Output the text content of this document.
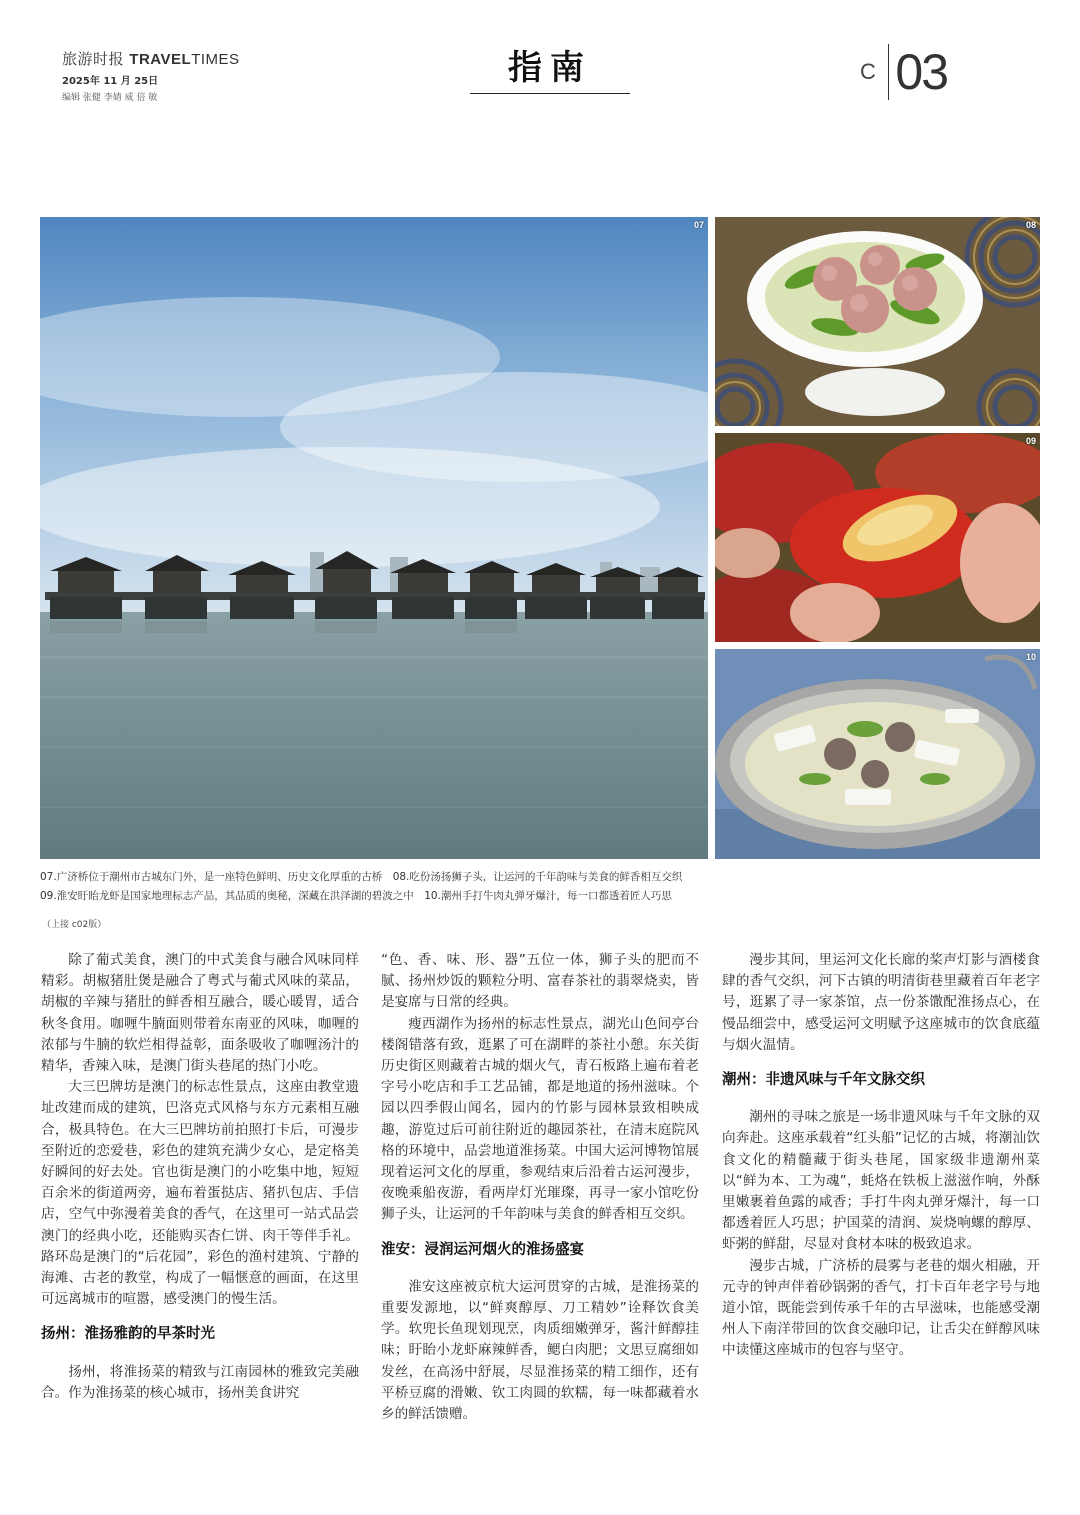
旅游时报 TRAVELTIMES
2025年 11 月 25日
编辑 张健 李婧 威 倍 敏
指南	C 03
07	08
09
10
07.广济桥位于潮州市古城东门外，是一座特色鲜明、历史文化厚重的古桥　08.吃份汤扬狮子头，让运河的千年韵味与美食的鲜香相互交织
09.淮安盱眙龙虾是国家地理标志产品，其品质的奥秘，深藏在洪泽湖的碧波之中　10.潮州手打牛肉丸弹牙爆汁，每一口都透着匠人巧思
（上接 c02版）

除了葡式美食，澳门的中式美食与融合风味同样精彩。胡椒猪肚煲是融合了粤式与葡式风味的菜品，胡椒的辛辣与猪肚的鲜香相互融合，暖心暖胃，适合秋冬食用。咖喱牛腩面则带着东南亚的风味，咖喱的浓郁与牛腩的软烂相得益彰，面条吸收了咖喱汤汁的精华，香辣入味，是澳门街头巷尾的热门小吃。

大三巴牌坊是澳门的标志性景点，这座由教堂遗址改建而成的建筑，巴洛克式风格与东方元素相互融合，极具特色。在大三巴牌坊前拍照打卡后，可漫步至附近的恋爱巷，彩色的建筑充满少女心，是定格美好瞬间的好去处。官也街是澳门的小吃集中地，短短百余米的街道两旁，遍布着蛋挞店、猪扒包店、手信店，空气中弥漫着美食的香气，在这里可一站式品尝澳门的经典小吃，还能购买杏仁饼、肉干等伴手礼。路环岛是澳门的“后花园”，彩色的渔村建筑、宁静的海滩、古老的教堂，构成了一幅惬意的画面，在这里可远离城市的喧嚣，感受澳门的慢生活。

扬州：淮扬雅韵的早茶时光

扬州，将淮扬菜的精致与江南园林的雅致完美融合。作为淮扬菜的核心城市，扬州美食讲究

“色、香、味、形、器”五位一体，狮子头的肥而不腻、扬州炒饭的颗粒分明、富春茶社的翡翠烧卖，皆是宴席与日常的经典。

瘦西湖作为扬州的标志性景点，湖光山色间亭台楼阁错落有致，逛累了可在湖畔的茶社小憩。东关街历史街区则藏着古城的烟火气，青石板路上遍布着老字号小吃店和手工艺品铺，都是地道的扬州滋味。个园以四季假山闻名，园内的竹影与园林景致相映成趣，游览过后可前往附近的趣园茶社，在清末庭院风格的环境中，品尝地道淮扬菜。中国大运河博物馆展现着运河文化的厚重，参观结束后沿着古运河漫步，夜晚乘船夜游，看两岸灯光璀璨，再寻一家小馆吃份狮子头，让运河的千年韵味与美食的鲜香相互交织。

淮安：浸润运河烟火的淮扬盛宴

淮安这座被京杭大运河贯穿的古城，是淮扬菜的重要发源地，以“鲜爽醇厚、刀工精妙”诠释饮食美学。软兜长鱼现划现烹，肉质细嫩弹牙，酱汁鲜醇挂味；盱眙小龙虾麻辣鲜香，鳃白肉肥；文思豆腐细如发丝，在高汤中舒展，尽显淮扬菜的精工细作，还有平桥豆腐的滑嫩、钦工肉圆的软糯，每一味都藏着水乡的鲜活馈赠。

漫步其间，里运河文化长廊的桨声灯影与酒楼食肆的香气交织，河下古镇的明清街巷里藏着百年老字号，逛累了寻一家茶馆，点一份茶馓配淮扬点心，在慢品细尝中，感受运河文明赋予这座城市的饮食底蕴与烟火温情。

潮州：非遗风味与千年文脉交织

潮州的寻味之旅是一场非遗风味与千年文脉的双向奔赴。这座承载着“红头船”记忆的古城，将潮汕饮食文化的精髓藏于街头巷尾，国家级非遗潮州菜以“鲜为本、工为魂”，蚝烙在铁板上滋滋作响，外酥里嫩裹着鱼露的咸香；手打牛肉丸弹牙爆汁，每一口都透着匠人巧思；护国菜的清润、炭烧响螺的醇厚、虾粥的鲜甜，尽显对食材本味的极致追求。

漫步古城，广济桥的晨雾与老巷的烟火相融，开元寺的钟声伴着砂锅粥的香气，打卡百年老字号与地道小馆，既能尝到传承千年的古早滋味，也能感受潮州人下南洋带回的饮食交融印记，让舌尖在鲜醇风味中读懂这座城市的包容与坚守。
